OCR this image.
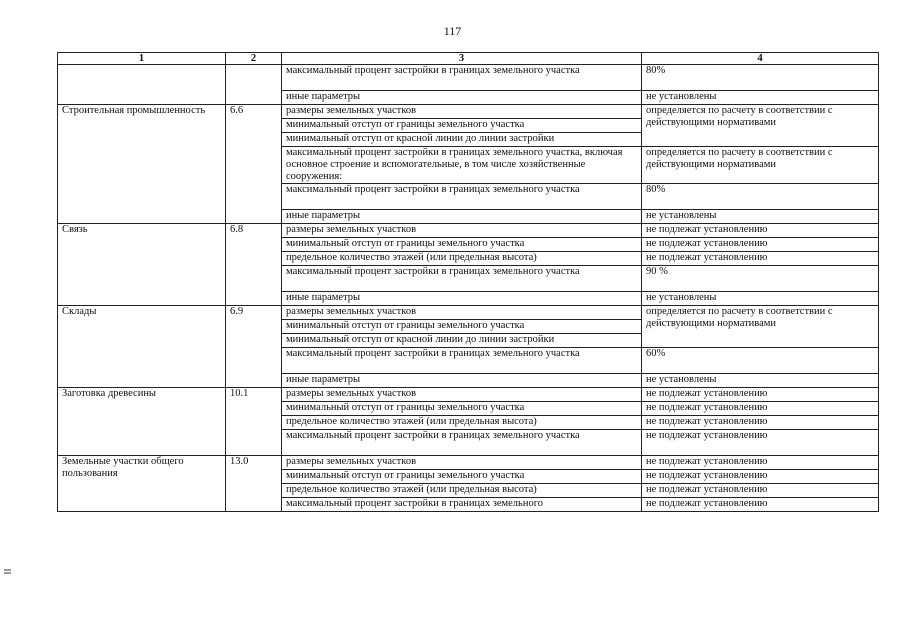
117
1	2	3	4
		максимальный процент застройки в границах земельного участка	80%
		иные параметры	не установлены
Строительная промышленность	6.6	размеры земельных участков	определяется по расчету в соответствии с действующими нормативами
		минимальный отступ от границы земельного участка	
		минимальный отступ от красной линии до линии застройки	
		максимальный процент застройки в границах земельного участка, включая основное строение и вспомогательные, в том числе хозяйственные сооружения:	определяется по расчету в соответствии с действующими нормативами
		максимальный процент застройки в границах земельного участка	80%
		иные параметры	не установлены
Связь	6.8	размеры земельных участков	не подлежат установлению
		минимальный отступ от границы земельного участка	не подлежат установлению
		предельное количество этажей (или предельная высота)	не подлежат установлению
		максимальный процент застройки в границах земельного участка	90 %
		иные параметры	не установлены
Склады	6.9	размеры земельных участков	определяется по расчету в соответствии с действующими нормативами
		минимальный отступ от границы земельного участка	
		минимальный отступ от красной линии до линии застройки	
		максимальный процент застройки в границах земельного участка	60%
		иные параметры	не установлены
Заготовка древесины	10.1	размеры земельных участков	не подлежат установлению
		минимальный отступ от границы земельного участка	не подлежат установлению
		предельное количество этажей (или предельная высота)	не подлежат установлению
		максимальный процент застройки в границах земельного участка	не подлежат установлению
Земельные участки общего пользования	13.0	размеры земельных участков	не подлежат установлению
		минимальный отступ от границы земельного участка	не подлежат установлению
		предельное количество этажей (или предельная высота)	не подлежат установлению
		максимальный процент застройки в границах земельного	не подлежат установлению
